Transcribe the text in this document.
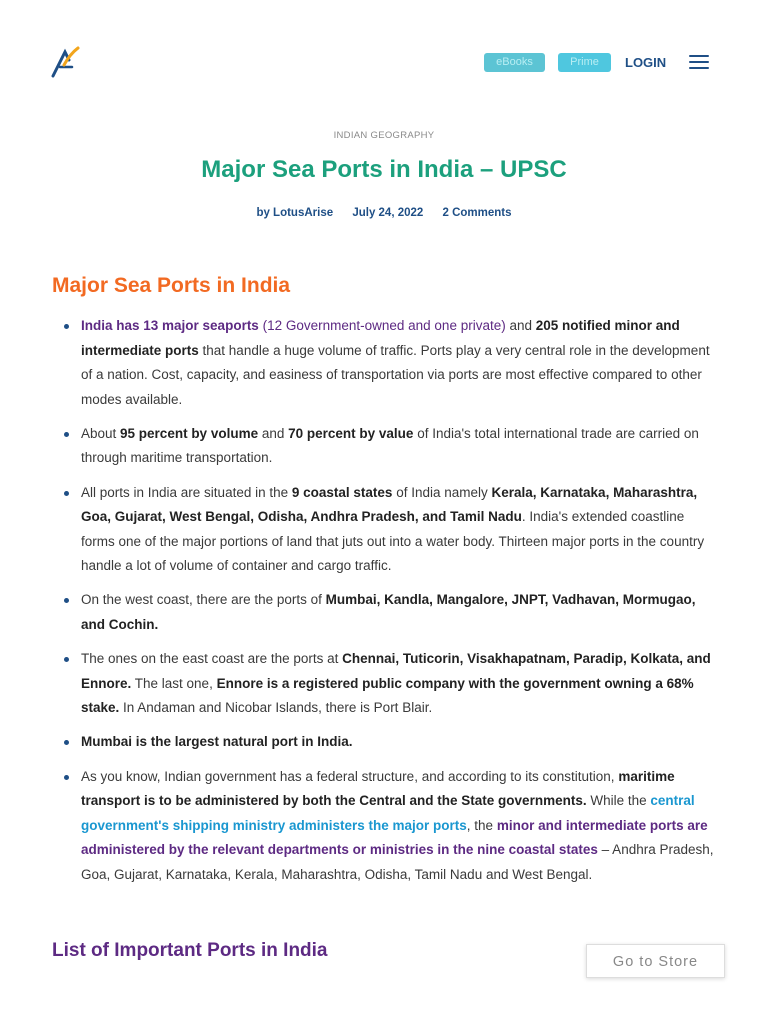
eBooks	Prime	LOGIN
INDIAN GEOGRAPHY
Major Sea Ports in India – UPSC
by LotusArise July 24, 2022 2 Comments
Major Sea Ports in India
India has 13 major seaports (12 Government-owned and one private) and 205 notified minor and intermediate ports that handle a huge volume of traffic. Ports play a very central role in the development of a nation. Cost, capacity, and easiness of transportation via ports are most effective compared to other modes available.
About 95 percent by volume and 70 percent by value of India's total international trade are carried on through maritime transportation.
All ports in India are situated in the 9 coastal states of India namely Kerala, Karnataka, Maharashtra, Goa, Gujarat, West Bengal, Odisha, Andhra Pradesh, and Tamil Nadu. India's extended coastline forms one of the major portions of land that juts out into a water body. Thirteen major ports in the country handle a lot of volume of container and cargo traffic.
On the west coast, there are the ports of Mumbai, Kandla, Mangalore, JNPT, Vadhavan, Mormugao, and Cochin.
The ones on the east coast are the ports at Chennai, Tuticorin, Visakhapatnam, Paradip, Kolkata, and Ennore. The last one, Ennore is a registered public company with the government owning a 68% stake. In Andaman and Nicobar Islands, there is Port Blair.
Mumbai is the largest natural port in India.
As you know, Indian government has a federal structure, and according to its constitution, maritime transport is to be administered by both the Central and the State governments. While the central government's shipping ministry administers the major ports, the minor and intermediate ports are administered by the relevant departments or ministries in the nine coastal states – Andhra Pradesh, Goa, Gujarat, Karnataka, Kerala, Maharashtra, Odisha, Tamil Nadu and West Bengal.
List of Important Ports in India
Go to Store
